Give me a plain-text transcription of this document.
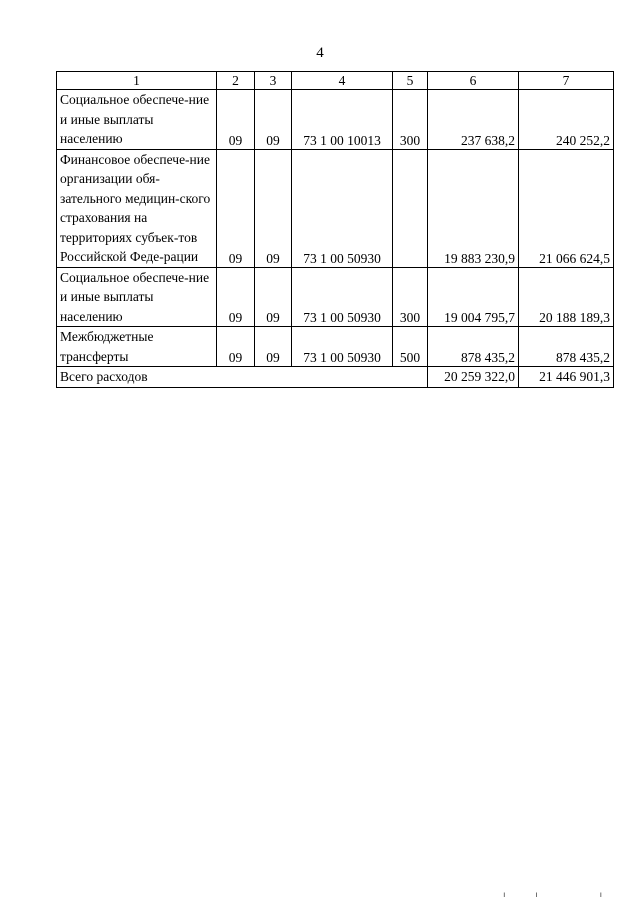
4
1	2	3	4	5	6	7
Социальное обеспече-ние и иные выплаты населению	09	09	73 1 00 10013	300	237 638,2	240 252,2
Финансовое обеспече-ние организации обя-зательного медицин-ского страхования на территориях субъек-тов Российской Феде-рации	09	09	73 1 00 50930		19 883 230,9	21 066 624,5
Социальное обеспече-ние и иные выплаты населению	09	09	73 1 00 50930	300	19 004 795,7	20 188 189,3
Межбюджетные трансферты	09	09	73 1 00 50930	500	878 435,2	878 435,2
Всего расходов					20 259 322,0	21 446 901,3
ıı ı
